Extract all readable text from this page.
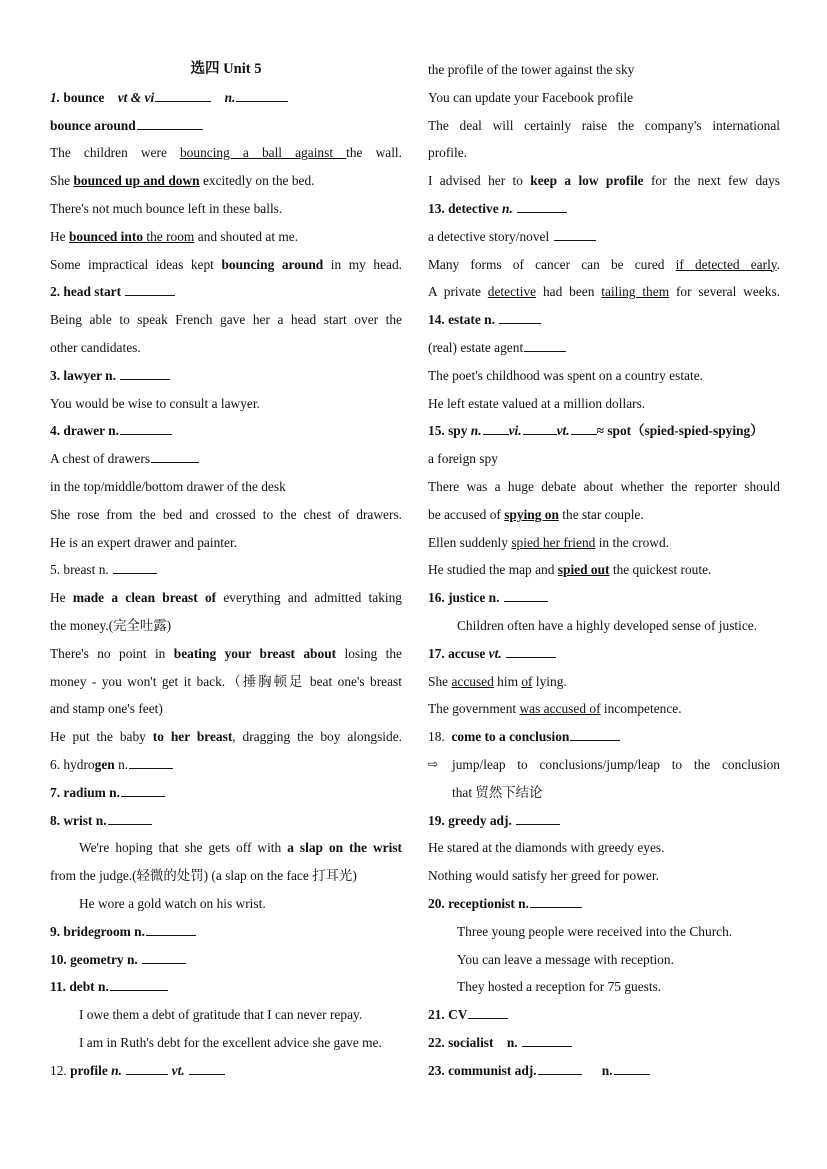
选四 Unit 5
1. bounce vt & vi	n.
bounce around
The children were bouncing a ball against the wall.
She bounced up and down excitedly on the bed.
There's not much bounce left in these balls.
He bounced into the room and shouted at me.
Some impractical ideas kept bouncing around in my head.
2. head start
Being able to speak French gave her a head start over the
other candidates.
3. lawyer n.
You would be wise to consult a lawyer.
4. drawer n.
A chest of drawers
in the top/middle/bottom drawer of the desk
She rose from the bed and crossed to the chest of drawers.
He is an expert drawer and painter.
5. breast n.
He made a clean breast of everything and admitted taking
the money.(完全吐露)
There's no point in beating your breast about losing the
money - you won't get it back.（捶胸顿足 beat one's breast
and stamp one's feet)
He put the baby to her breast, dragging the boy alongside.
6. hydrogen n.
7. radium n.
8. wrist n.
We're hoping that she gets off with a slap on the wrist
from the judge.(轻微的处罚) (a slap on the face 打耳光)
He wore a gold watch on his wrist.
9. bridegroom n.
10. geometry n.
11. debt n.
I owe them a debt of gratitude that I can never repay.
I am in Ruth's debt for the excellent advice she gave me.
12. profile n.	vt.
the profile of the tower against the sky
You can update your Facebook profile
The deal will certainly raise the company's international
profile.
I advised her to keep a low profile for the next few days
13. detective n.
a detective story/novel
Many forms of cancer can be cured if detected early.
A private detective had been tailing them for several weeks.
14. estate n.
(real) estate agent
The poet's childhood was spent on a country estate.
He left estate valued at a million dollars.
15. spy n. vi.	vt. ≈ spot（spied-spied-spying）
a foreign spy
There was a huge debate about whether the reporter should
be accused of spying on the star couple.
Ellen suddenly spied her friend in the crowd.
He studied the map and spied out the quickest route.
16. justice n.
Children often have a highly developed sense of justice.
17. accuse vt.
She accused him of lying.
The government was accused of incompetence.
18. come to a conclusion
⇨ jump/leap to conclusions/jump/leap to the conclusion
that 贸然下结论
19. greedy adj.
He stared at the diamonds with greedy eyes.
Nothing would satisfy her greed for power.
20. receptionist n.
Three young people were received into the Church.
You can leave a message with reception.
They hosted a reception for 75 guests.
21. CV
22. socialist n.
23. communist adj.	n.
